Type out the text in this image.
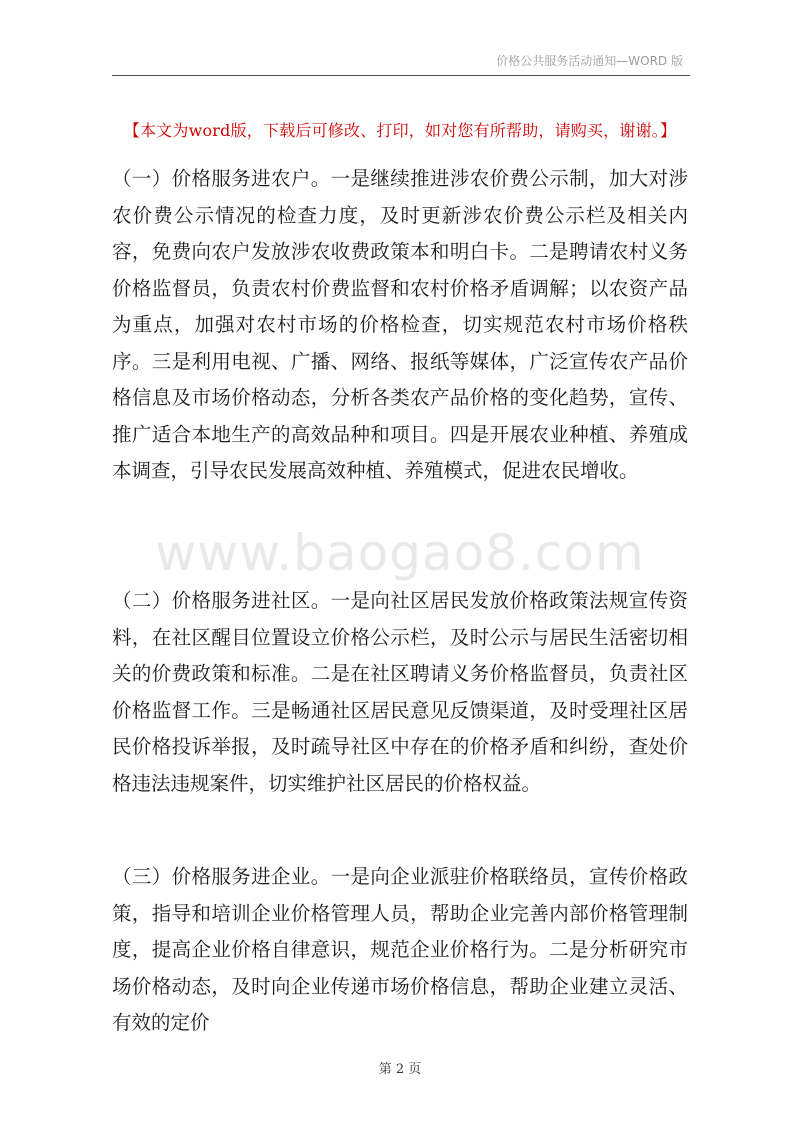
价格公共服务活动通知—WORD 版
【本文为word版，下载后可修改、打印，如对您有所帮助，请购买，谢谢。】

（一）价格服务进农户。一是继续推进涉农价费公示制，加大对涉农价费公示情况的检查力度，及时更新涉农价费公示栏及相关内容，免费向农户发放涉农收费政策本和明白卡。二是聘请农村义务价格监督员，负责农村价费监督和农村价格矛盾调解；以农资产品为重点，加强对农村市场的价格检查，切实规范农村市场价格秩序。三是利用电视、广播、网络、报纸等媒体，广泛宣传农产品价格信息及市场价格动态，分析各类农产品价格的变化趋势，宣传、推广适合本地生产的高效品种和项目。四是开展农业种植、养殖成本调查，引导农民发展高效种植、养殖模式，促进农民增收。

www.baogao8.com

（二）价格服务进社区。一是向社区居民发放价格政策法规宣传资料，在社区醒目位置设立价格公示栏，及时公示与居民生活密切相关的价费政策和标准。二是在社区聘请义务价格监督员，负责社区价格监督工作。三是畅通社区居民意见反馈渠道，及时受理社区居民价格投诉举报，及时疏导社区中存在的价格矛盾和纠纷，查处价格违法违规案件，切实维护社区居民的价格权益。

（三）价格服务进企业。一是向企业派驻价格联络员，宣传价格政策，指导和培训企业价格管理人员，帮助企业完善内部价格管理制度，提高企业价格自律意识，规范企业价格行为。二是分析研究市场价格动态，及时向企业传递市场价格信息，帮助企业建立灵活、有效的定价

第 2 页
